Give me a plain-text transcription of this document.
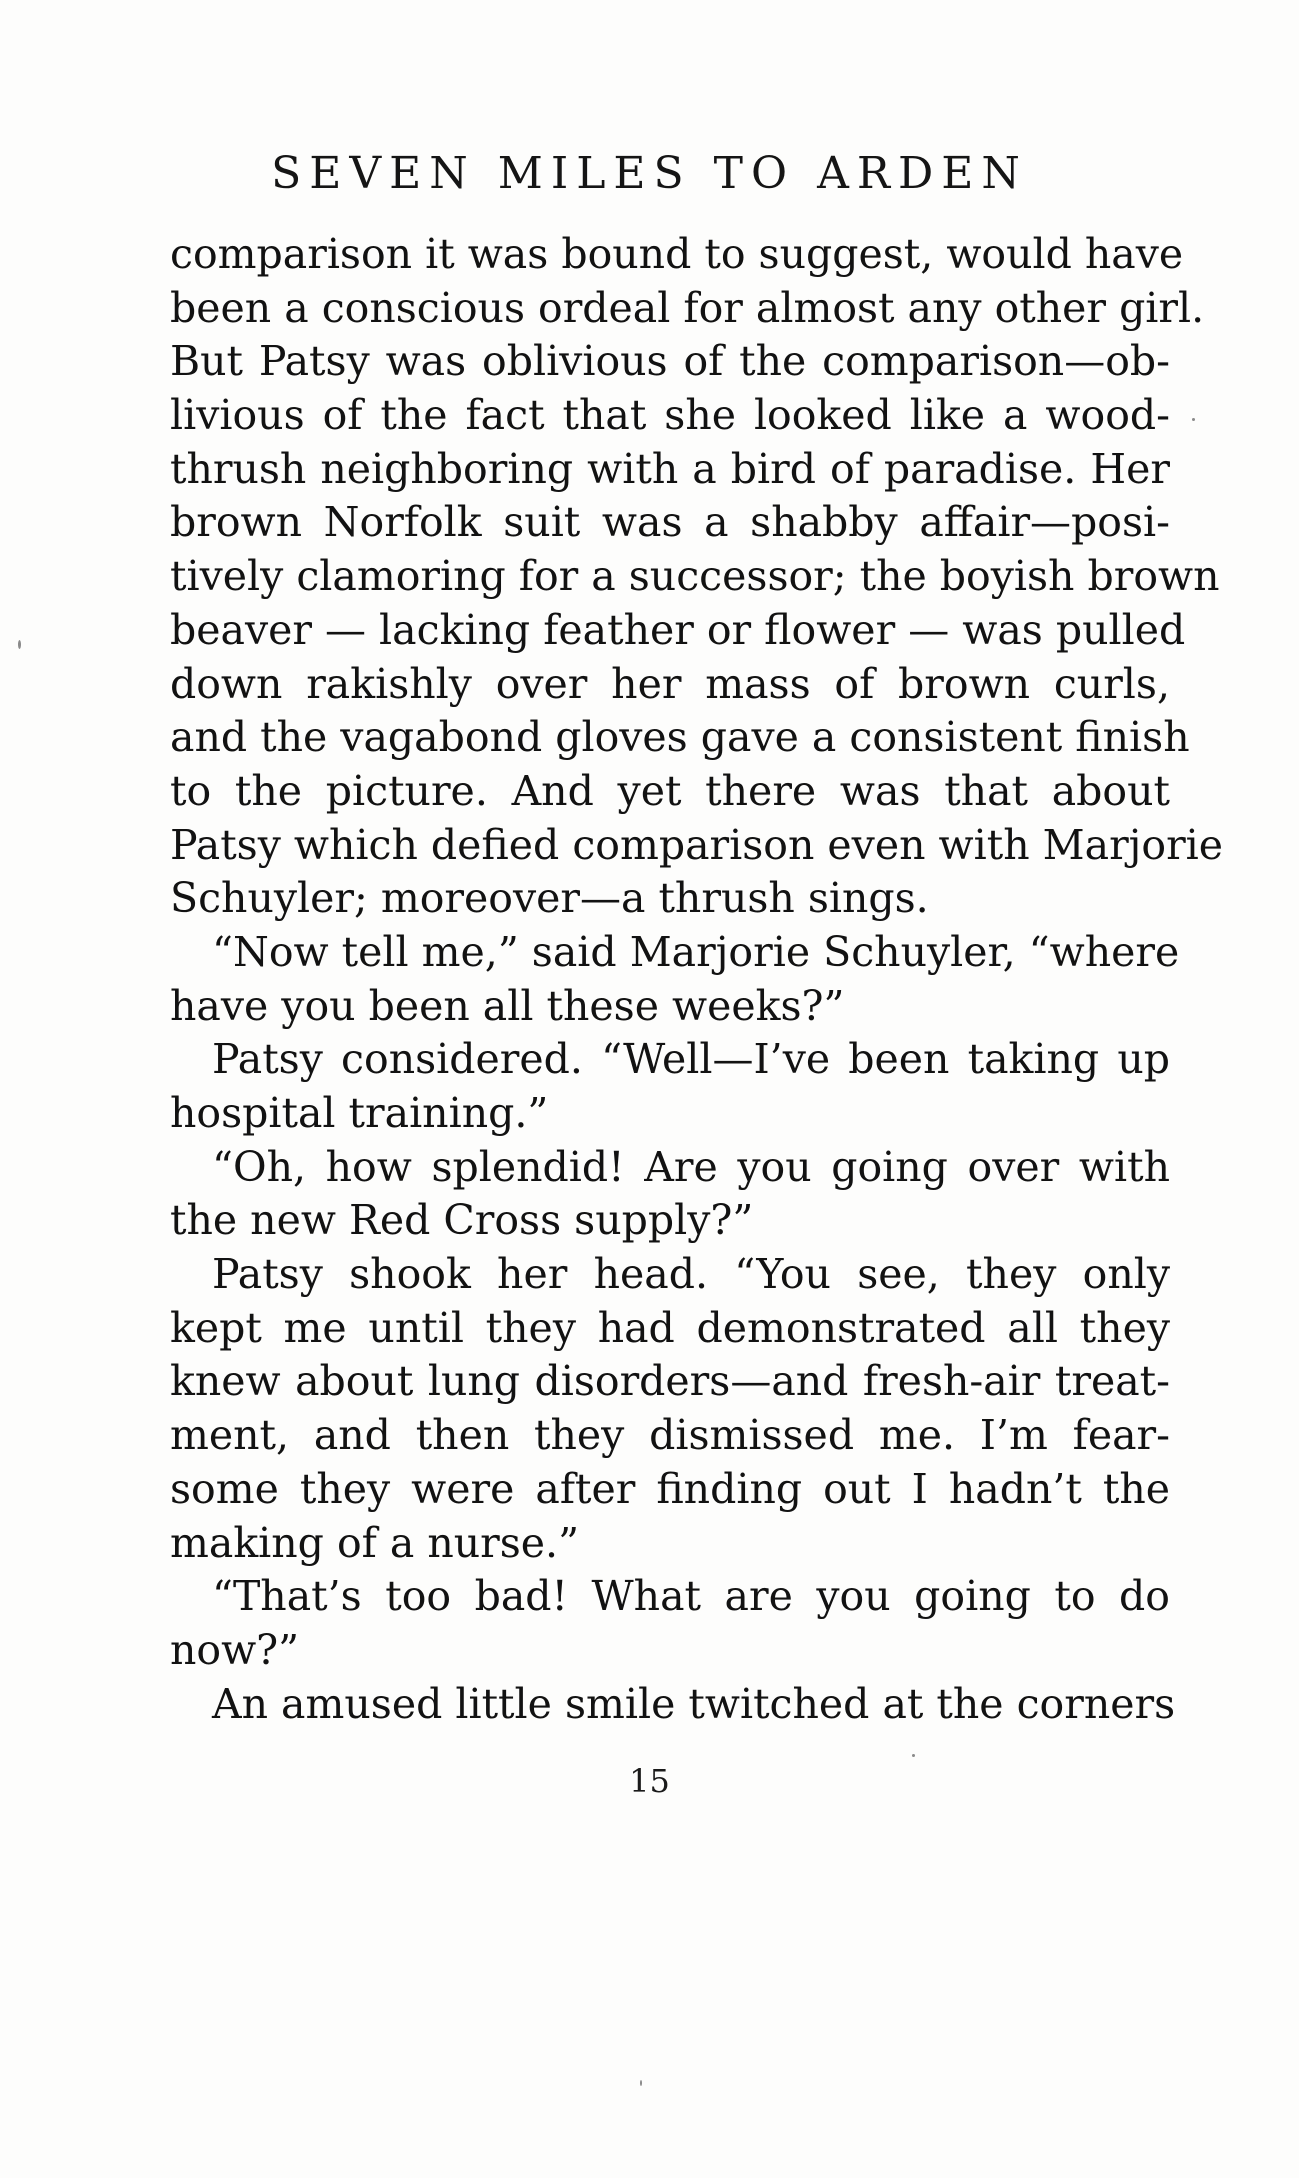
SEVEN MILES TO ARDEN
comparison it was bound to suggest, would have
been a conscious ordeal for almost any other girl.
But Patsy was oblivious of the comparison—ob-
livious of the fact that she looked like a wood-
thrush neighboring with a bird of paradise. Her
brown Norfolk suit was a shabby affair—posi-
tively clamoring for a successor; the boyish brown
beaver — lacking feather or flower — was pulled
down rakishly over her mass of brown curls,
and the vagabond gloves gave a consistent finish
to the picture. And yet there was that about
Patsy which defied comparison even with Marjorie
Schuyler; moreover—a thrush sings.
“Now tell me,” said Marjorie Schuyler, “where
have you been all these weeks?”
Patsy considered. “Well—I’ve been taking up
hospital training.”
“Oh, how splendid! Are you going over with
the new Red Cross supply?”
Patsy shook her head. “You see, they only
kept me until they had demonstrated all they
knew about lung disorders—and fresh-air treat-
ment, and then they dismissed me. I’m fear-
some they were after finding out I hadn’t the
making of a nurse.”
“That’s too bad! What are you going to do
now?”
An amused little smile twitched at the corners
15
